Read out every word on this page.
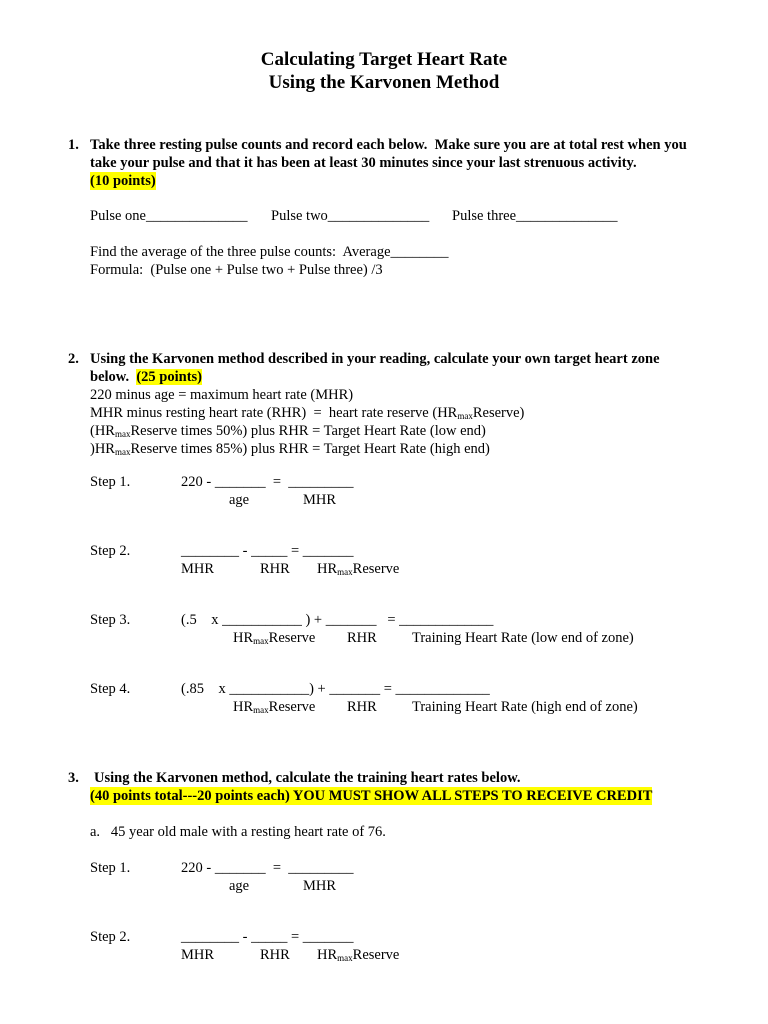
Calculating Target Heart Rate
Using the Karvonen Method
1. Take three resting pulse counts and record each below.  Make sure you are at total rest when you
take your pulse and that it has been at least 30 minutes since your last strenuous activity.
(10 points)
Pulse one______________ Pulse two______________ Pulse three______________
Find the average of the three pulse counts:  Average________
Formula:  (Pulse one + Pulse two + Pulse three) /3
2. Using the Karvonen method described in your reading, calculate your own target heart zone
below. (25 points)
220 minus age = maximum heart rate (MHR)
MHR minus resting heart rate (RHR)  =  heart rate reserve $(HR_{max}Reserve)$
($HR_{max}Reserve$ times 50%) plus RHR = Target Heart Rate (low end)
)$HR_{max}Reserve$ times 85%) plus RHR = Target Heart Rate (high end)
Step 1.	220 - _______  =  _________
age	MHR
Step 2.	________ - _____ = _______
MHR	RHR $HR_{max}Reserve$
Step 3.	(.5    x ___________ ) + _______   = _____________
$HR_{max}Reserve$ RHR Training Heart Rate (low end of zone)
Step 4.	(.85    x ___________) + _______ = _____________
$HR_{max}Reserve$ RHR Training Heart Rate (high end of zone)
3. Using the Karvonen method, calculate the training heart rates below.
(40 points total---20 points each) YOU MUST SHOW ALL STEPS TO RECEIVE CREDIT
a.   45 year old male with a resting heart rate of 76.
Step 1.	220 - _______  =  _________
age	MHR
Step 2.	________ - _____ = _______
MHR	RHR $HR_{max}Reserve$
